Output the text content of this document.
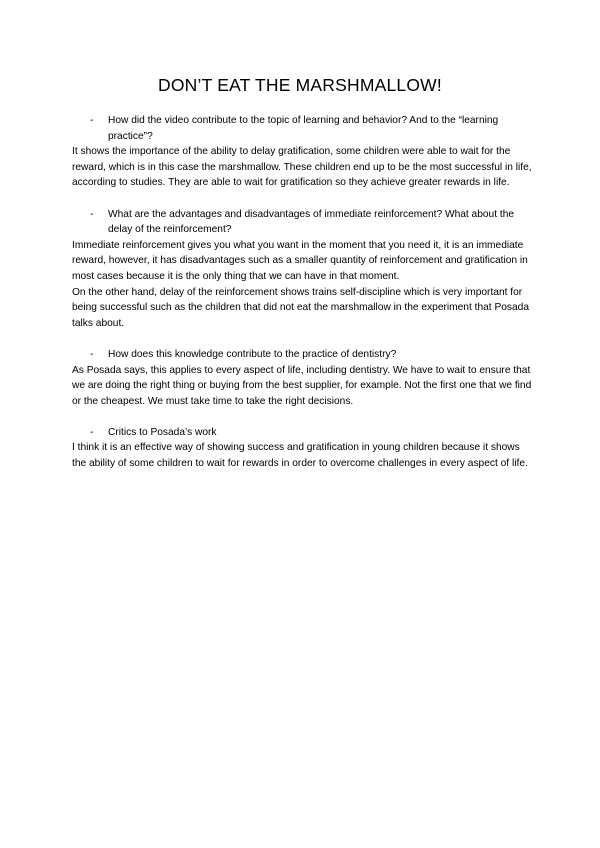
DON’T EAT THE MARSHMALLOW!

- How did the video contribute to the topic of learning and behavior? And to the “learning practice”?

It shows the importance of the ability to delay gratification, some children were able to wait for the reward, which is in this case the marshmallow. These children end up to be the most successful in life, according to studies. They are able to wait for gratification so they achieve greater rewards in life.

- What are the advantages and disadvantages of immediate reinforcement? What about the delay of the reinforcement?

Immediate reinforcement gives you what you want in the moment that you need it, it is an immediate reward, however, it has disadvantages such as a smaller quantity of reinforcement and gratification in most cases because it is the only thing that we can have in that moment.

On the other hand, delay of the reinforcement shows trains self-discipline which is very important for being successful such as the children that did not eat the marshmallow in the experiment that Posada talks about.

- How does this knowledge contribute to the practice of dentistry?

As Posada says, this applies to every aspect of life, including dentistry. We have to wait to ensure that we are doing the right thing or buying from the best supplier, for example. Not the first one that we find or the cheapest. We must take time to take the right decisions.

- Critics to Posada’s work

I think it is an effective way of showing success and gratification in young children because it shows the ability of some children to wait for rewards in order to overcome challenges in every aspect of life.
